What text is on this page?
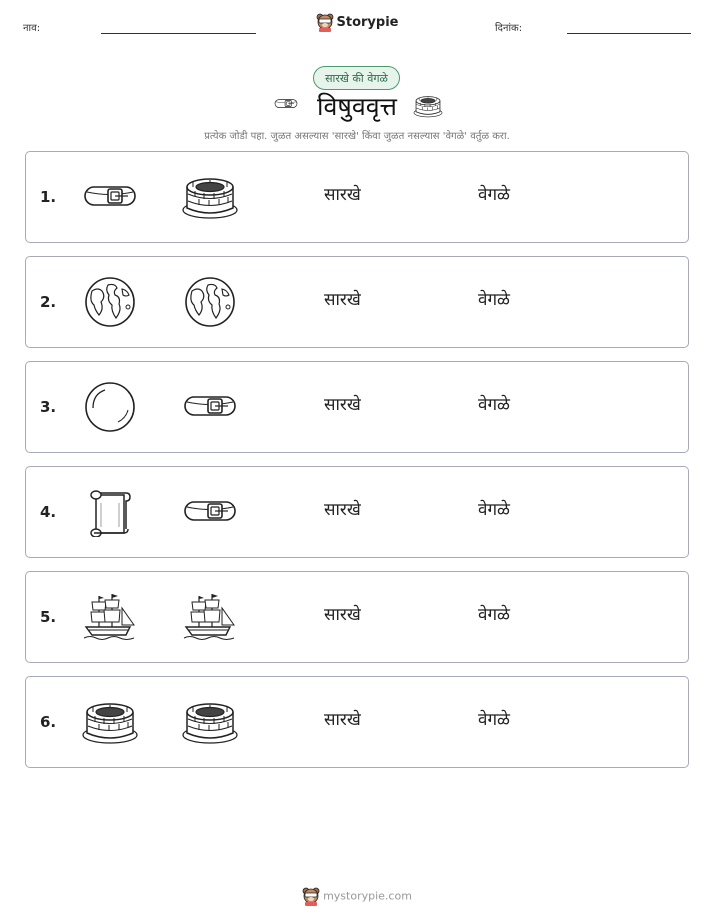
नाव:	Storypie	दिनांक:
सारखे की वेगळे
विषुववृत्त
प्रत्येक जोडी पहा. जुळत असल्यास 'सारखे' किंवा जुळत नसल्यास 'वेगळे' वर्तुळ करा.
1.	सारखे	वेगळे
2.	सारखे	वेगळे
3.	सारखे	वेगळे
4.	सारखे	वेगळे
5.	सारखे	वेगळे
6.	सारखे	वेगळे
mystorypie.com
